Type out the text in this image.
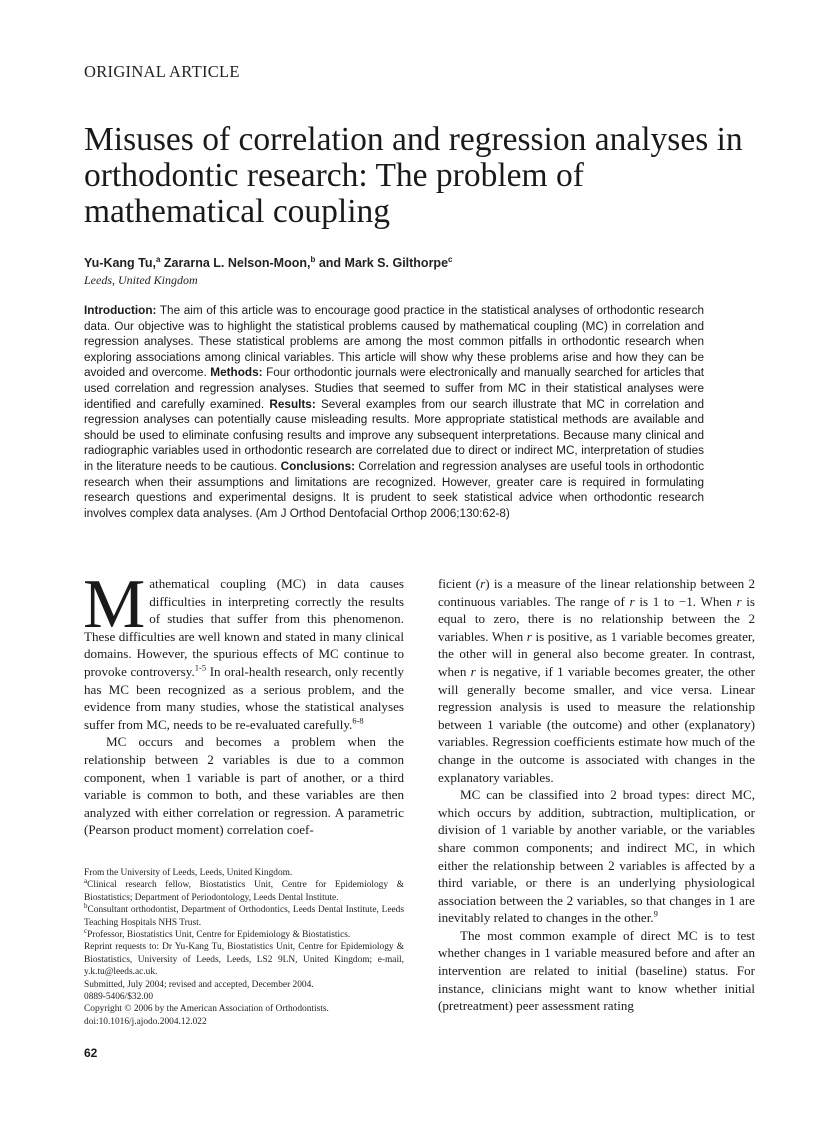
ORIGINAL ARTICLE
Misuses of correlation and regression analyses in orthodontic research: The problem of mathematical coupling
Yu-Kang Tu,$^a$ Zararna L. Nelson-Moon,$^b$ and Mark S. Gilthorpe$^c$
Leeds, United Kingdom
Introduction: The aim of this article was to encourage good practice in the statistical analyses of orthodontic research data. Our objective was to highlight the statistical problems caused by mathematical coupling (MC) in correlation and regression analyses. These statistical problems are among the most common pitfalls in orthodontic research when exploring associations among clinical variables. This article will show why these problems arise and how they can be avoided and overcome. Methods: Four orthodontic journals were electronically and manually searched for articles that used correlation and regression analyses. Studies that seemed to suffer from MC in their statistical analyses were identified and carefully examined. Results: Several examples from our search illustrate that MC in correlation and regression analyses can potentially cause misleading results. More appropriate statistical methods are available and should be used to eliminate confusing results and improve any subsequent interpretations. Because many clinical and radiographic variables used in orthodontic research are correlated due to direct or indirect MC, interpretation of studies in the literature needs to be cautious. Conclusions: Correlation and regression analyses are useful tools in orthodontic research when their assumptions and limitations are recognized. However, greater care is required in formulating research questions and experimental designs. It is prudent to seek statistical advice when orthodontic research involves complex data analyses. (Am J Orthod Dentofacial Orthop 2006;130:62-8)

Mathematical coupling (MC) in data causes difficulties in interpreting correctly the results of studies that suffer from this phenomenon. These difficulties are well known and stated in many clinical domains. However, the spurious effects of MC continue to provoke controversy.$^{1-5}$ In oral-health research, only recently has MC been recognized as a serious problem, and the evidence from many studies, whose the statistical analyses suffer from MC, needs to be re-evaluated carefully.$^{6-8}$

MC occurs and becomes a problem when the relationship between 2 variables is due to a common component, when 1 variable is part of another, or a third variable is common to both, and these variables are then analyzed with either correlation or regression. A parametric (Pearson product moment) correlation coef-

ficient (r) is a measure of the linear relationship between 2 continuous variables. The range of r is 1 to −1. When r is equal to zero, there is no relationship between the 2 variables. When r is positive, as 1 variable becomes greater, the other will in general also become greater. In contrast, when r is negative, if 1 variable becomes greater, the other will generally become smaller, and vice versa. Linear regression analysis is used to measure the relationship between 1 variable (the outcome) and other (explanatory) variables. Regression coefficients estimate how much of the change in the outcome is associated with changes in the explanatory variables.

MC can be classified into 2 broad types: direct MC, which occurs by addition, subtraction, multiplication, or division of 1 variable by another variable, or the variables share common components; and indirect MC, in which either the relationship between 2 variables is affected by a third variable, or there is an underlying physiological association between the 2 variables, so that changes in 1 are inevitably related to changes in the other.$^9$

The most common example of direct MC is to test whether changes in 1 variable measured before and after an intervention are related to initial (baseline) status. For instance, clinicians might want to know whether initial (pretreatment) peer assessment rating

From the University of Leeds, Leeds, United Kingdom.
$^a$Clinical research fellow, Biostatistics Unit, Centre for Epidemiology & Biostatistics; Department of Periodontology, Leeds Dental Institute.
$^b$Consultant orthodontist, Department of Orthodontics, Leeds Dental Institute, Leeds Teaching Hospitals NHS Trust.
$^c$Professor, Biostatistics Unit, Centre for Epidemiology & Biostatistics.
Reprint requests to: Dr Yu-Kang Tu, Biostatistics Unit, Centre for Epidemiology & Biostatistics, University of Leeds, Leeds, LS2 9LN, United Kingdom; e-mail, y.k.tu@leeds.ac.uk.
Submitted, July 2004; revised and accepted, December 2004.
0889-5406/$32.00
Copyright © 2006 by the American Association of Orthodontists.
doi:10.1016/j.ajodo.2004.12.022
62
